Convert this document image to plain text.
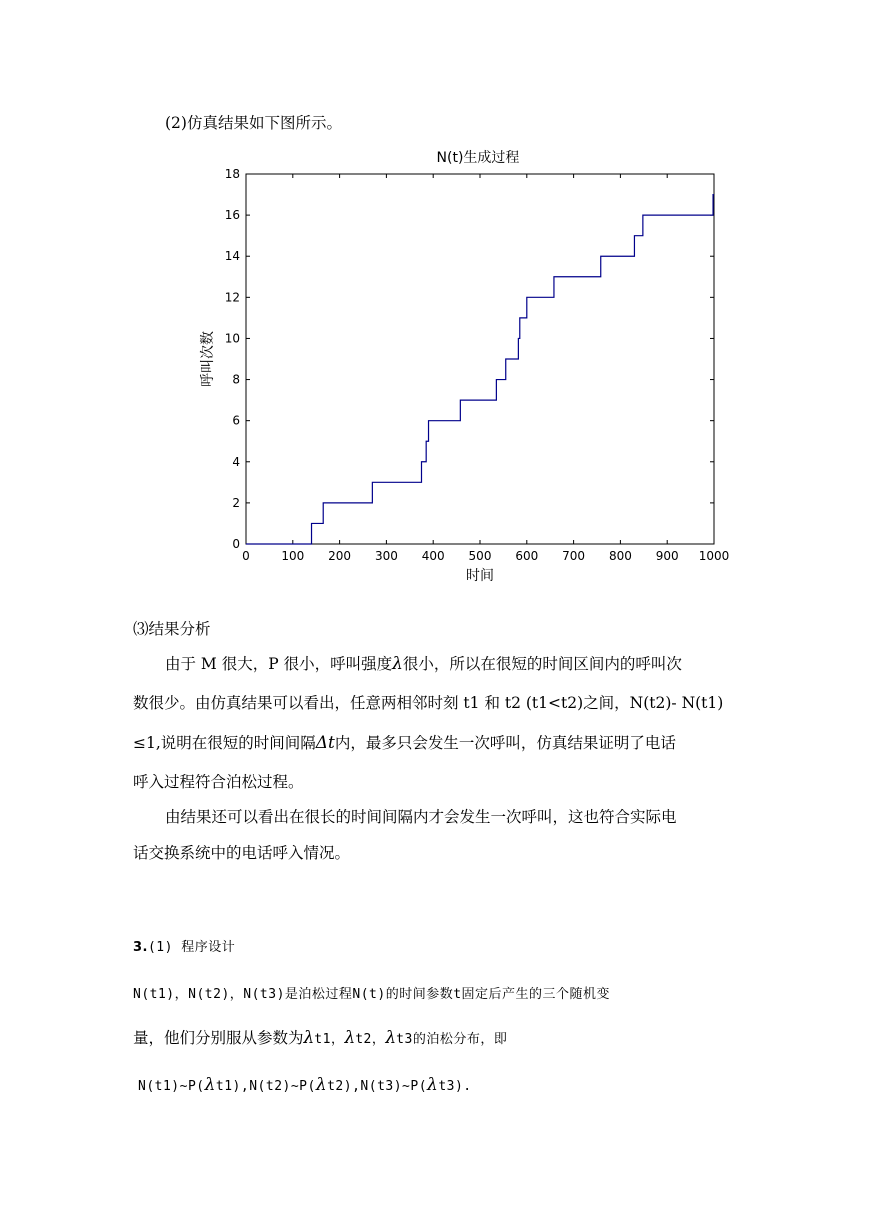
(2)仿真结果如下图所示。
N(t)生成过程
0	100 200 300 400 500 600 700 800 900 1000
0
2
4
6
8
10
12
14
16
18
时间
呼叫次数
⑶结果分析
由于 M 很大，P 很小，呼叫强度λ很小，所以在很短的时间区间内的呼叫次
数很少。由仿真结果可以看出，任意两相邻时刻 t1 和 t2 (t1<t2)之间，N(t2)- N(t1)
≤1,说明在很短的时间间隔Δt内，最多只会发生一次呼叫，仿真结果证明了电话
呼入过程符合泊松过程。
由结果还可以看出在很长的时间间隔内才会发生一次呼叫，这也符合实际电
话交换系统中的电话呼入情况。
3.(1) 程序设计
N(t1)，N(t2)，N(t3)是泊松过程N(t)的时间参数t固定后产生的三个随机变
量，他们分别服从参数为λt1，λt2，λt3的泊松分布，即
N(t1)~P(λt1),N(t2)~P(λt2),N(t3)~P(λt3).
